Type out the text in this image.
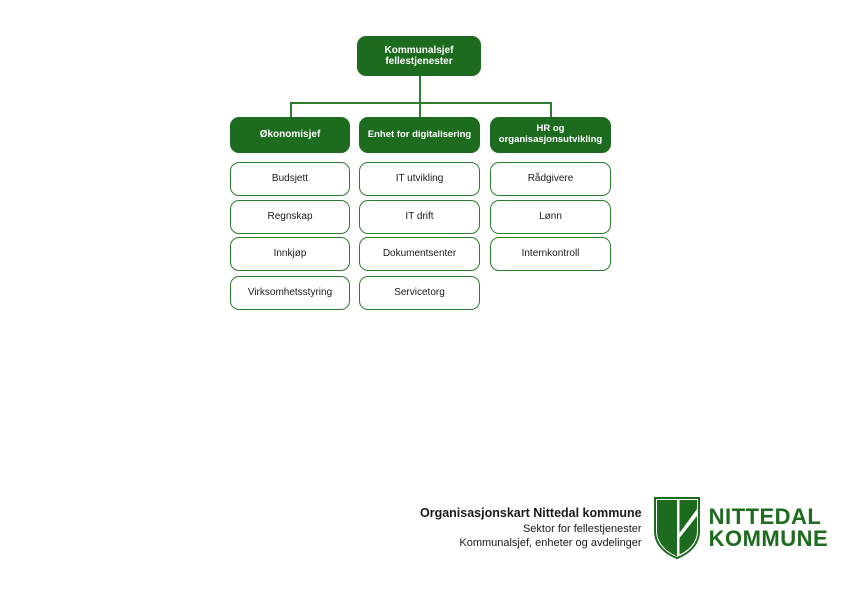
Kommunalsjef
fellestjenester
Økonomisjef	Enhet for digitalisering	HR og
organisasjonsutvikling
Budsjett
Regnskap
Innkjøp
Virksomhetsstyring
IT utvikling
IT drift
Dokumentsenter
Servicetorg
Rådgivere
Lønn
Internkontroll
Organisasjonskart Nittedal kommune
Sektor for fellestjenester
Kommunalsjef, enheter og avdelinger
NITTEDAL
KOMMUNE
